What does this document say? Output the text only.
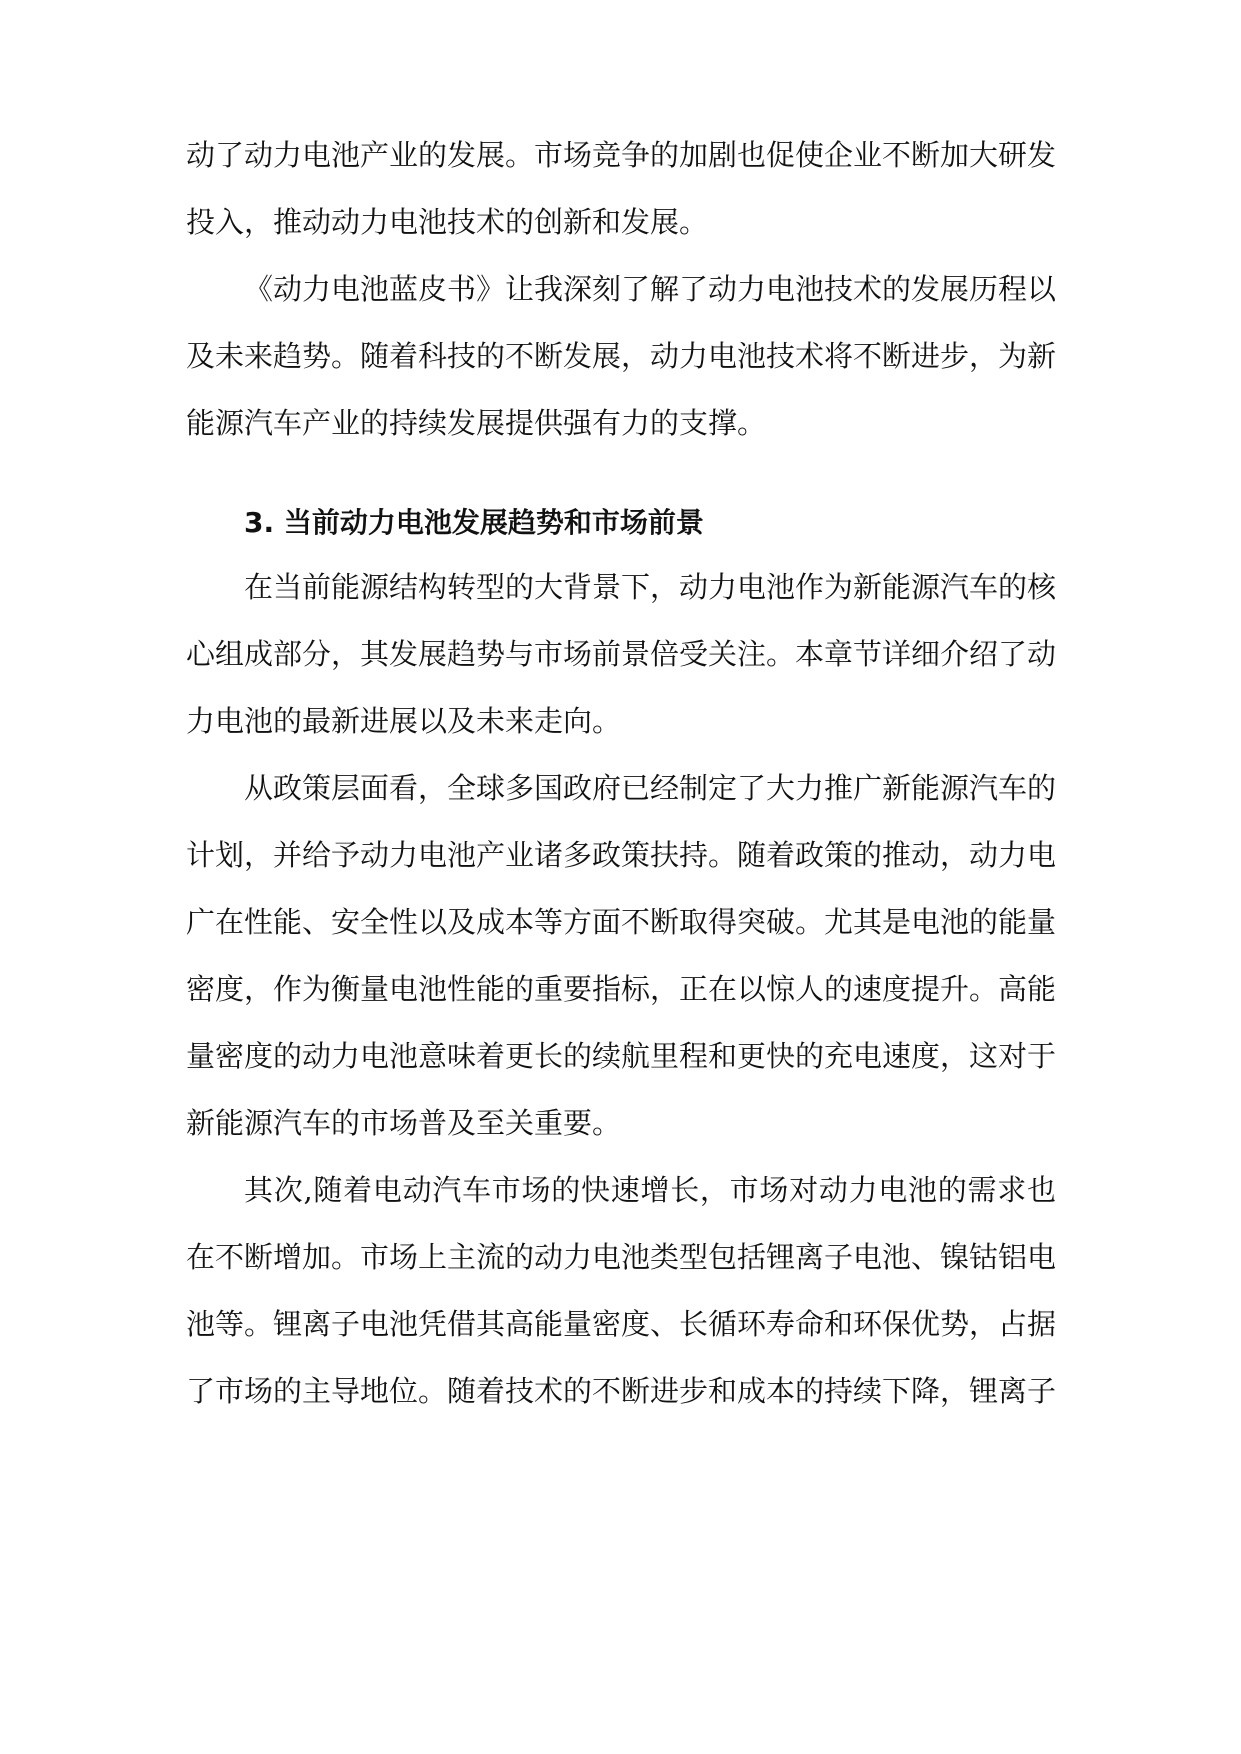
动了动力电池产业的发展。市场竞争的加剧也促使企业不断加大研发
投入，推动动力电池技术的创新和发展。
《动力电池蓝皮书》让我深刻了解了动力电池技术的发展历程以
及未来趋势。随着科技的不断发展，动力电池技术将不断进步，为新
能源汽车产业的持续发展提供强有力的支撑。
3. 当前动力电池发展趋势和市场前景
在当前能源结构转型的大背景下，动力电池作为新能源汽车的核
心组成部分，其发展趋势与市场前景倍受关注。本章节详细介绍了动
力电池的最新进展以及未来走向。
从政策层面看，全球多国政府已经制定了大力推广新能源汽车的
计划，并给予动力电池产业诸多政策扶持。随着政策的推动，动力电
广在性能、安全性以及成本等方面不断取得突破。尤其是电池的能量
密度，作为衡量电池性能的重要指标，正在以惊人的速度提升。高能
量密度的动力电池意味着更长的续航里程和更快的充电速度，这对于
新能源汽车的市场普及至关重要。
其次,随着电动汽车市场的快速增长，市场对动力电池的需求也
在不断增加。市场上主流的动力电池类型包括锂离子电池、镍钴铝电
池等。锂离子电池凭借其高能量密度、长循环寿命和环保优势，占据
了市场的主导地位。随着技术的不断进步和成本的持续下降，锂离子
